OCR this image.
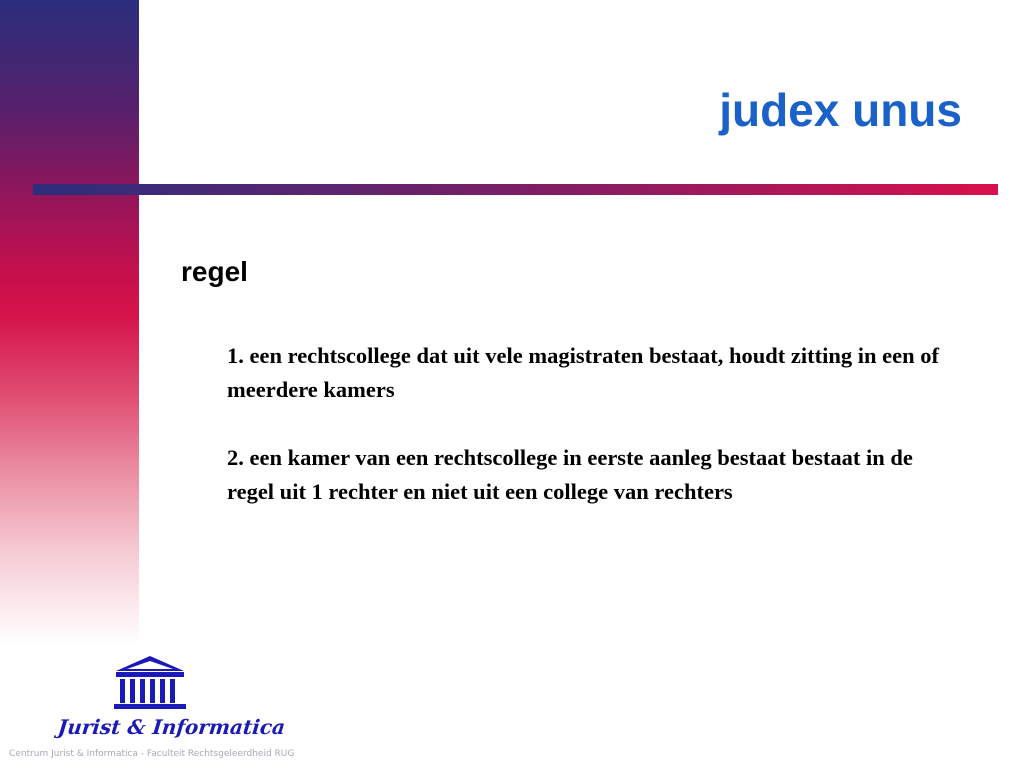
judex unus
regel

1. een rechtscollege dat uit vele magistraten bestaat, houdt zitting in een of meerdere kamers

2. een kamer van een rechtscollege in eerste aanleg bestaat bestaat in de regel uit 1 rechter en niet uit een college van rechters

Jurist & Informatica

Centrum Jurist & Informatica - Faculteit Rechtsgeleerdheid RUG
